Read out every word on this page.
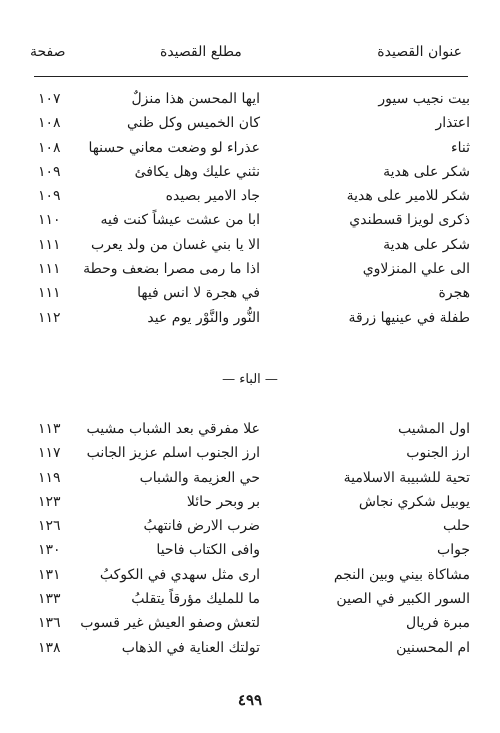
عنوان القصيدة
مطلع القصيدة
صفحة
بيت نجيب سيور
ايها المحسن هذا منزلٌ
١٠٧
اعتذار
كان الخميس وكل ظني
١٠٨
ثناء
عذراء لو وضعت معاني حسنها
١٠٨
شكر على هدية
نثني عليك وهل يكافئ
١٠٩
شكر للامير على هدية
جاد الامير بصيده
١٠٩
ذكرى لويزا قسطندي
ابا من عشت عيشاً كنت فيه
١١٠
شكر على هدية
الا يا بني غسان من ولد يعرب
١١١
الى علي المنزلاوي
اذا ما رمى مصرا بضعف وحطة
١١١
هجرة
في هجرة لا انس فيها
١١١
طفلة في عينيها زرقة
النُّور والنَّوْر يوم عيد
١١٢
— الباء —
اول المشيب
علا مفرقي بعد الشباب مشيب
١١٣
ارز الجنوب
ارز الجنوب اسلم عزيز الجانب
١١٧
تحية للشبيبة الاسلامية
حي العزيمة والشباب
١١٩
يوبيل شكري نجاش
بر وبحر حائلا
١٢٣
حلب
ضرب الارض فانتهبُ
١٢٦
جواب
وافى الكتاب فاحيا
١٣٠
مشاكاة بيني وبين النجم
ارى مثل سهدي في الكوكبُ
١٣١
السور الكبير في الصين
ما للمليك مؤرقاً يتقلبُ
١٣٣
مبرة فريال
لتعش وصفو العيش غير قسوب
١٣٦
ام المحسنين
تولتك العناية في الذهاب
١٣٨
٤٩٩
